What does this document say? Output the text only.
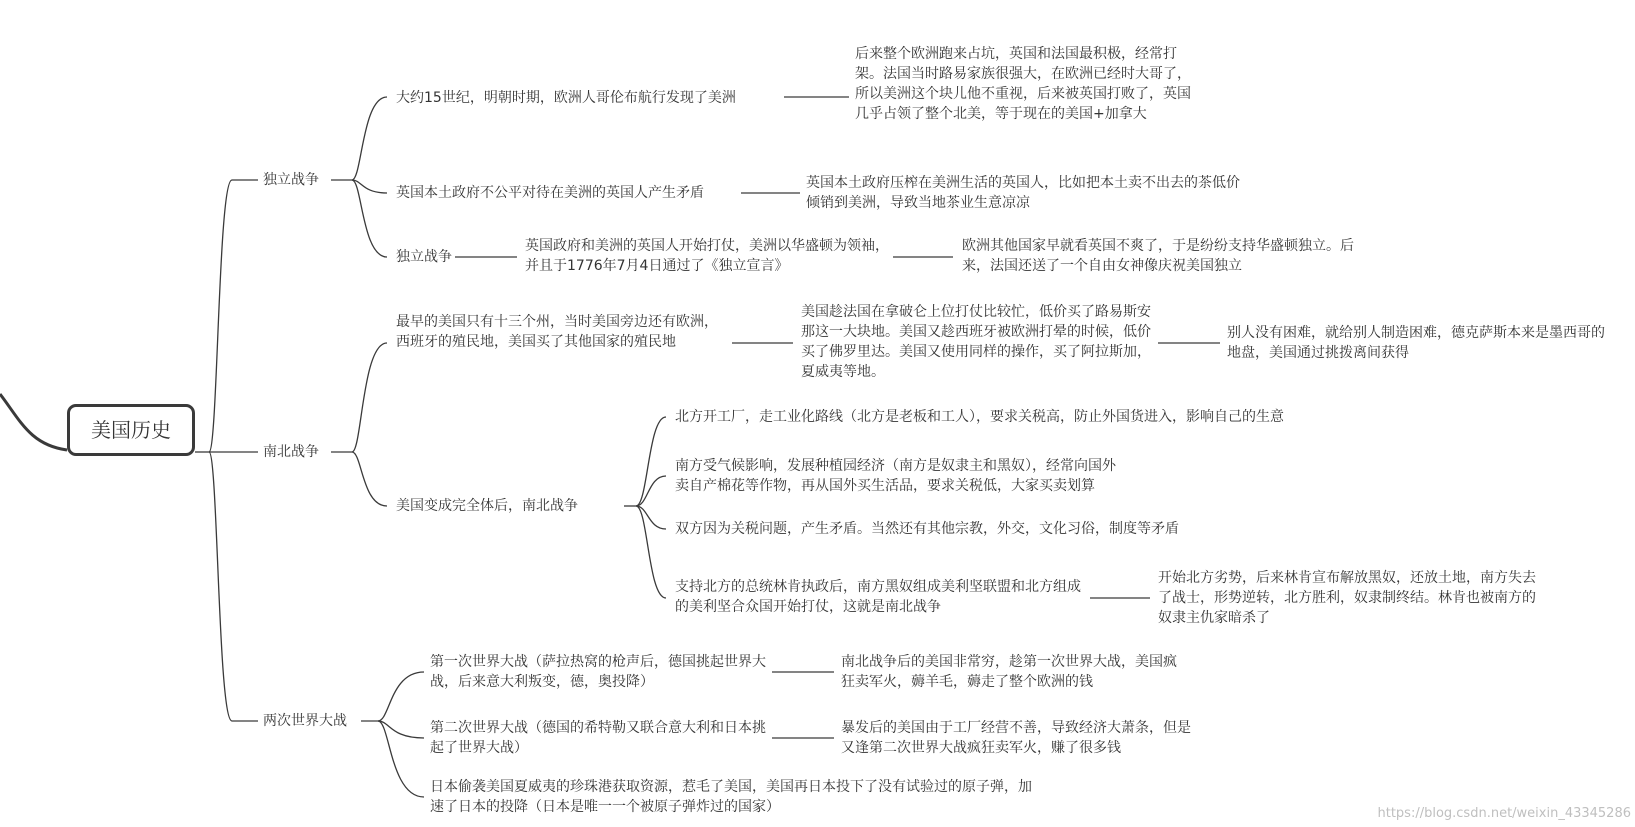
美国历史
独立战争
大约15世纪，明朝时期，欧洲人哥伦布航行发现了美洲
后来整个欧洲跑来占坑，英国和法国最积极，经常打架。法国当时路易家族很强大，在欧洲已经时大哥了，所以美洲这个块儿他不重视，后来被英国打败了，英国几乎占领了整个北美，等于现在的美国+加拿大
英国本土政府不公平对待在美洲的英国人产生矛盾
英国本土政府压榨在美洲生活的英国人，比如把本土卖不出去的茶低价倾销到美洲，导致当地茶业生意凉凉
独立战争
英国政府和美洲的英国人开始打仗，美洲以华盛顿为领袖，并且于1776年7月4日通过了《独立宣言》
欧洲其他国家早就看英国不爽了，于是纷纷支持华盛顿独立。后来，法国还送了一个自由女神像庆祝美国独立
南北战争
最早的美国只有十三个州，当时美国旁边还有欧洲，西班牙的殖民地，美国买了其他国家的殖民地
美国趁法国在拿破仑上位打仗比较忙，低价买了路易斯安那这一大块地。美国又趁西班牙被欧洲打晕的时候，低价买了佛罗里达。美国又使用同样的操作，买了阿拉斯加，夏威夷等地。
别人没有困难，就给别人制造困难，德克萨斯本来是墨西哥的地盘，美国通过挑拨离间获得
美国变成完全体后，南北战争
北方开工厂，走工业化路线（北方是老板和工人），要求关税高，防止外国货进入，影响自己的生意
南方受气候影响，发展种植园经济（南方是奴隶主和黑奴），经常向国外卖自产棉花等作物，再从国外买生活品，要求关税低，大家买卖划算
双方因为关税问题，产生矛盾。当然还有其他宗教，外交，文化习俗，制度等矛盾
支持北方的总统林肯执政后，南方黑奴组成美利坚联盟和北方组成的美利坚合众国开始打仗，这就是南北战争
开始北方劣势，后来林肯宣布解放黑奴，还放土地，南方失去了战士，形势逆转，北方胜利，奴隶制终结。林肯也被南方的奴隶主仇家暗杀了
两次世界大战
第一次世界大战（萨拉热窝的枪声后，德国挑起世界大战，后来意大利叛变，德，奥投降）
南北战争后的美国非常穷，趁第一次世界大战，美国疯狂卖军火，薅羊毛，薅走了整个欧洲的钱
第二次世界大战（德国的希特勒又联合意大利和日本挑起了世界大战）
暴发后的美国由于工厂经营不善，导致经济大萧条，但是又逢第二次世界大战疯狂卖军火，赚了很多钱
日本偷袭美国夏威夷的珍珠港获取资源，惹毛了美国，美国再日本投下了没有试验过的原子弹，加速了日本的投降（日本是唯一一个被原子弹炸过的国家）	https://blog.csdn.net/weixin_43345286
